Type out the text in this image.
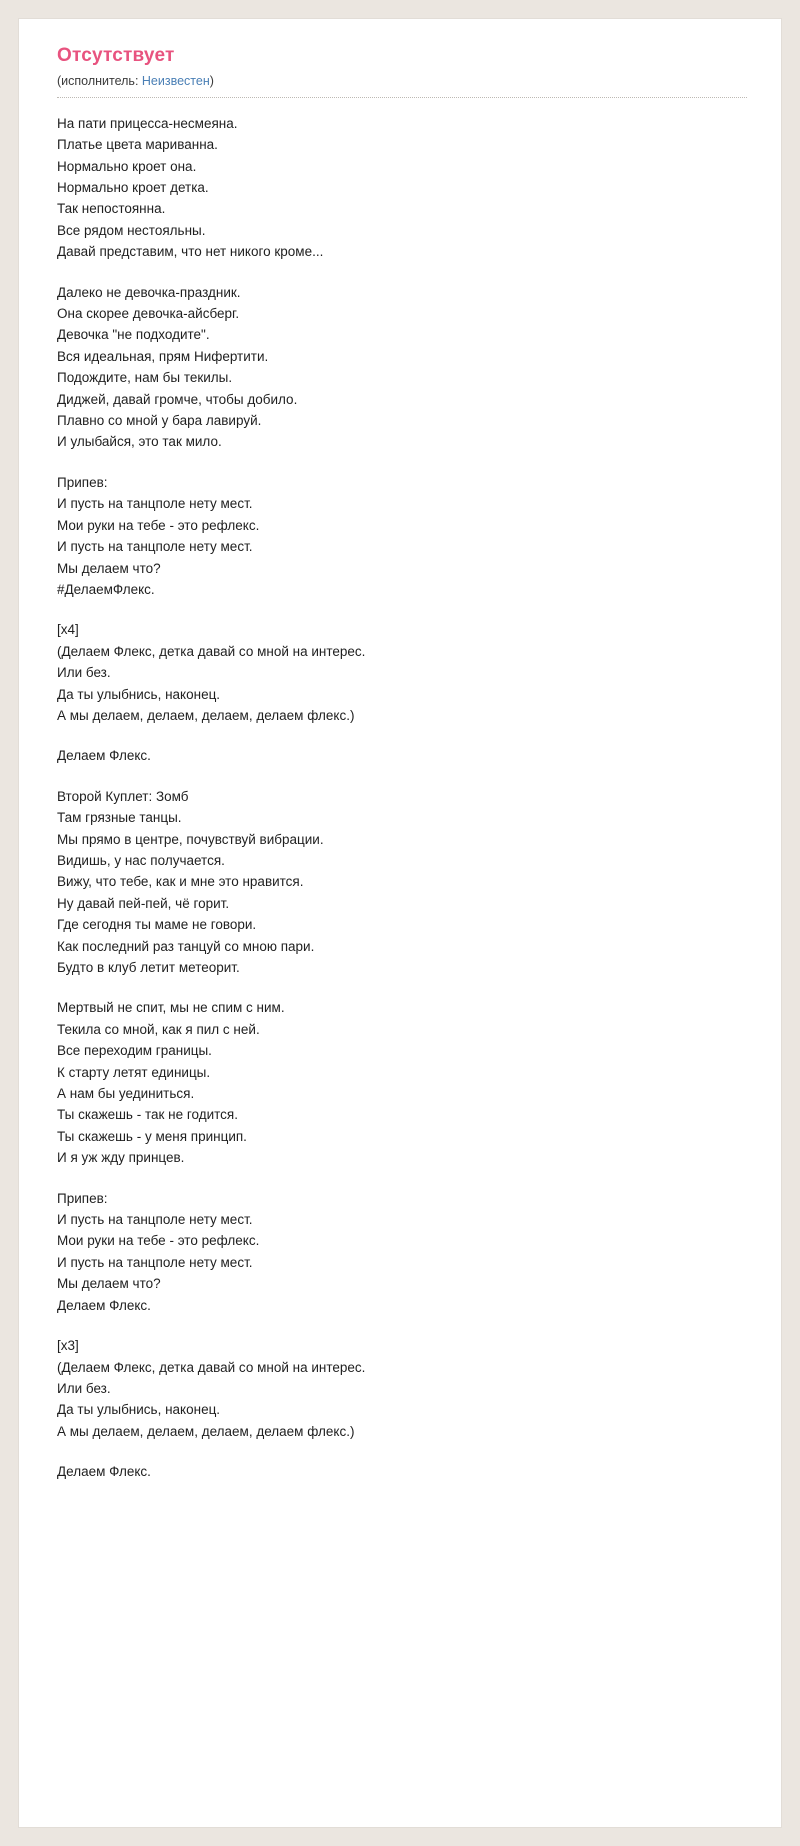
Отсутствует
(исполнитель: Неизвестен)

На пати прицесса-несмеяна.
Платье цвета мариванна.
Нормально кроет она.
Нормально кроет детка.
Так непостоянна.
Все рядом нестояльны.
Давай представим, что нет никого кроме...

Далеко не девочка-праздник.
Она скорее девочка-айсберг.
Девочка "не подходите".
Вся идеальная, прям Нифертити.
Подождите, нам бы текилы.
Диджей, давай громче, чтобы добило.
Плавно со мной у бара лавируй.
И улыбайся, это так мило.

Припев:
И пусть на танцполе нету мест.
Мои руки на тебе - это рефлекс.
И пусть на танцполе нету мест.
Мы делаем что?
#ДелаемФлекс.

[x4]
(Делаем Флекс, детка давай со мной на интерес.
Или без.
Да ты улыбнись, наконец.
А мы делаем, делаем, делаем, делаем флекс.)

Делаем Флекс.

Второй Куплет: Зомб
Там грязные танцы.
Мы прямо в центре, почувствуй вибрации.
Видишь, у нас получается.
Вижу, что тебе, как и мне это нравится.
Ну давай пей-пей, чё горит.
Где сегодня ты маме не говори.
Как последний раз танцуй со мною пари.
Будто в клуб летит метеорит.

Мертвый не спит, мы не спим с ним.
Текила со мной, как я пил с ней.
Все переходим границы.
К старту летят единицы.
А нам бы уединиться.
Ты скажешь - так не годится.
Ты скажешь - у меня принцип.
И я уж жду принцев.

Припев:
И пусть на танцполе нету мест.
Мои руки на тебе - это рефлекс.
И пусть на танцполе нету мест.
Мы делаем что?
Делаем Флекс.

[x3]
(Делаем Флекс, детка давай со мной на интерес.
Или без.
Да ты улыбнись, наконец.
А мы делаем, делаем, делаем, делаем флекс.)

Делаем Флекс.
